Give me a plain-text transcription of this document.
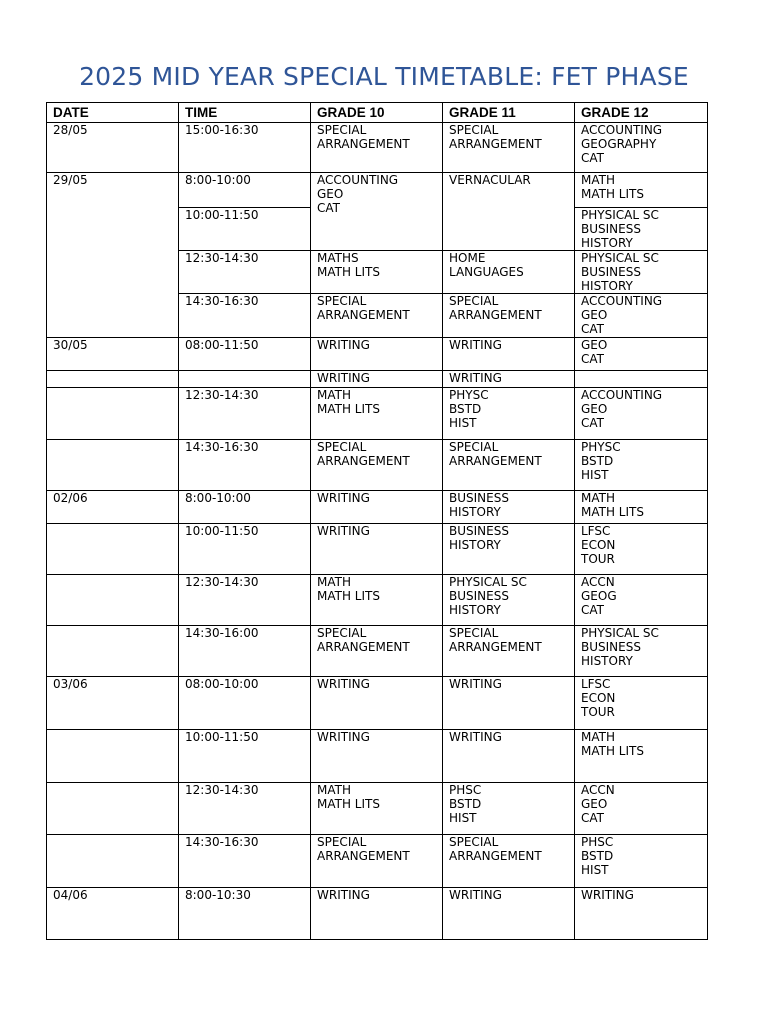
2025 MID YEAR SPECIAL TIMETABLE: FET PHASE
DATE	TIME	GRADE 10	GRADE 11	GRADE 12

28/05	15:00-16:30	SPECIAL
ARRANGEMENT	SPECIAL
ARRANGEMENT	ACCOUNTING
GEOGRAPHY
CAT

29/05	8:00-10:00	ACCOUNTING
GEO
CAT	VERNACULAR	MATH
MATH LITS

	10:00-11:50			PHYSICAL SC
BUSINESS
HISTORY

	12:30-14:30	MATHS
MATH LITS	HOME
LANGUAGES	PHYSICAL SC
BUSINESS
HISTORY

	14:30-16:30	SPECIAL
ARRANGEMENT	SPECIAL
ARRANGEMENT	ACCOUNTING
GEO
CAT

30/05	08:00-11:50	WRITING	WRITING	GEO
CAT

		WRITING	WRITING	

	12:30-14:30	MATH
MATH LITS	PHYSC
BSTD
HIST	ACCOUNTING
GEO
CAT

	14:30-16:30	SPECIAL
ARRANGEMENT	SPECIAL
ARRANGEMENT	PHYSC
BSTD
HIST

02/06	8:00-10:00	WRITING	BUSINESS
HISTORY	MATH
MATH LITS

	10:00-11:50	WRITING	BUSINESS
HISTORY	LFSC
ECON
TOUR

	12:30-14:30	MATH
MATH LITS	PHYSICAL SC
BUSINESS
HISTORY	ACCN
GEOG
CAT

	14:30-16:00	SPECIAL
ARRANGEMENT	SPECIAL
ARRANGEMENT	PHYSICAL SC
BUSINESS
HISTORY

03/06	08:00-10:00	WRITING	WRITING	LFSC
ECON
TOUR

	10:00-11:50	WRITING	WRITING	MATH
MATH LITS

	12:30-14:30	MATH
MATH LITS	PHSC
BSTD
HIST	ACCN
GEO
CAT

	14:30-16:30	SPECIAL
ARRANGEMENT	SPECIAL
ARRANGEMENT	PHSC
BSTD
HIST

04/06	8:00-10:30	WRITING	WRITING	WRITING
